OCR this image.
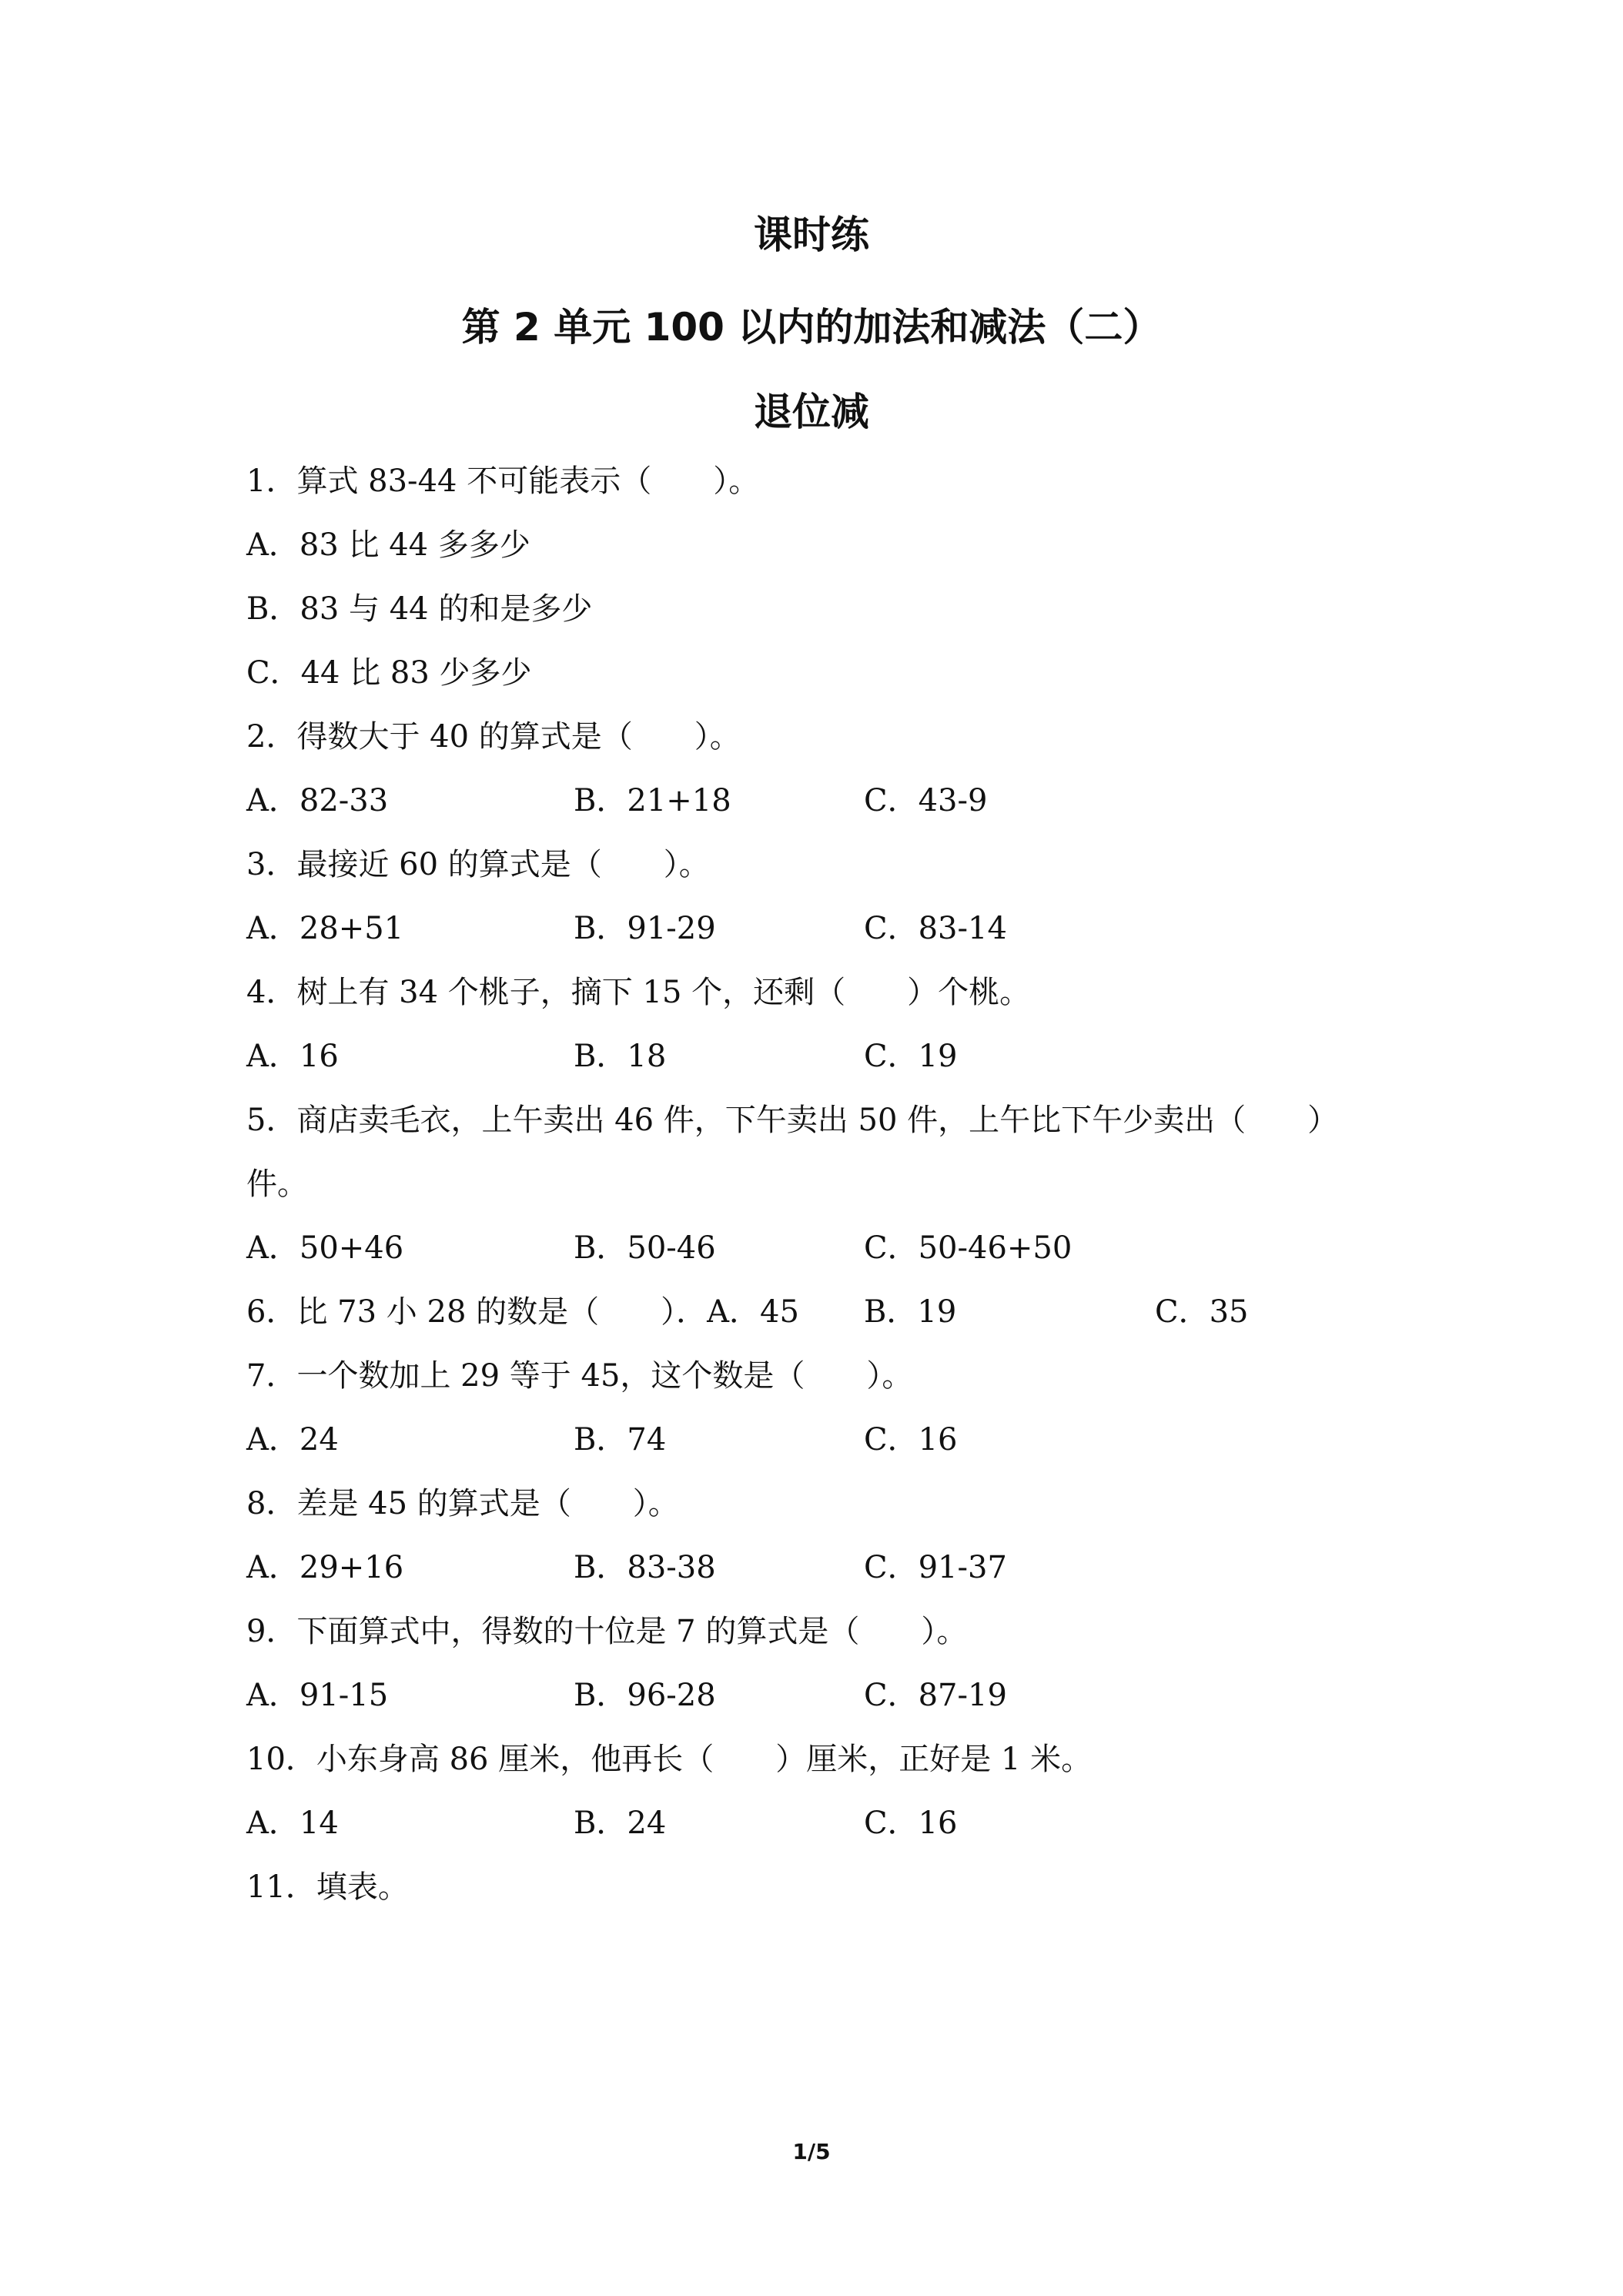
课时练
第 2 单元 100 以内的加法和减法（二）
退位减
1．算式 83-44 不可能表示（　　）。
A．83 比 44 多多少
B．83 与 44 的和是多少
C．44 比 83 少多少
2．得数大于 40 的算式是（　　）。
A．82-33	B．21+18	C．43-9
3．最接近 60 的算式是（　　）。
A．28+51	B．91-29	C．83-14
4．树上有 34 个桃子，摘下 15 个，还剩（　　）个桃。
A．16	B．18	C．19
5．商店卖毛衣，上午卖出 46 件，下午卖出 50 件，上午比下午少卖出（　　）
件。
A．50+46	B．50-46	C．50-46+50
6．比 73 小 28 的数是（　　）．A．45 B．19	C．35
7．一个数加上 29 等于 45，这个数是（　　）。
A．24	B．74	C．16
8．差是 45 的算式是（　　）。
A．29+16	B．83-38	C．91-37
9．下面算式中，得数的十位是 7 的算式是（　　）。
A．91-15	B．96-28	C．87-19
10．小东身高 86 厘米，他再长（　　）厘米，正好是 1 米。
A．14	B．24	C．16
11．填表。
1/5
